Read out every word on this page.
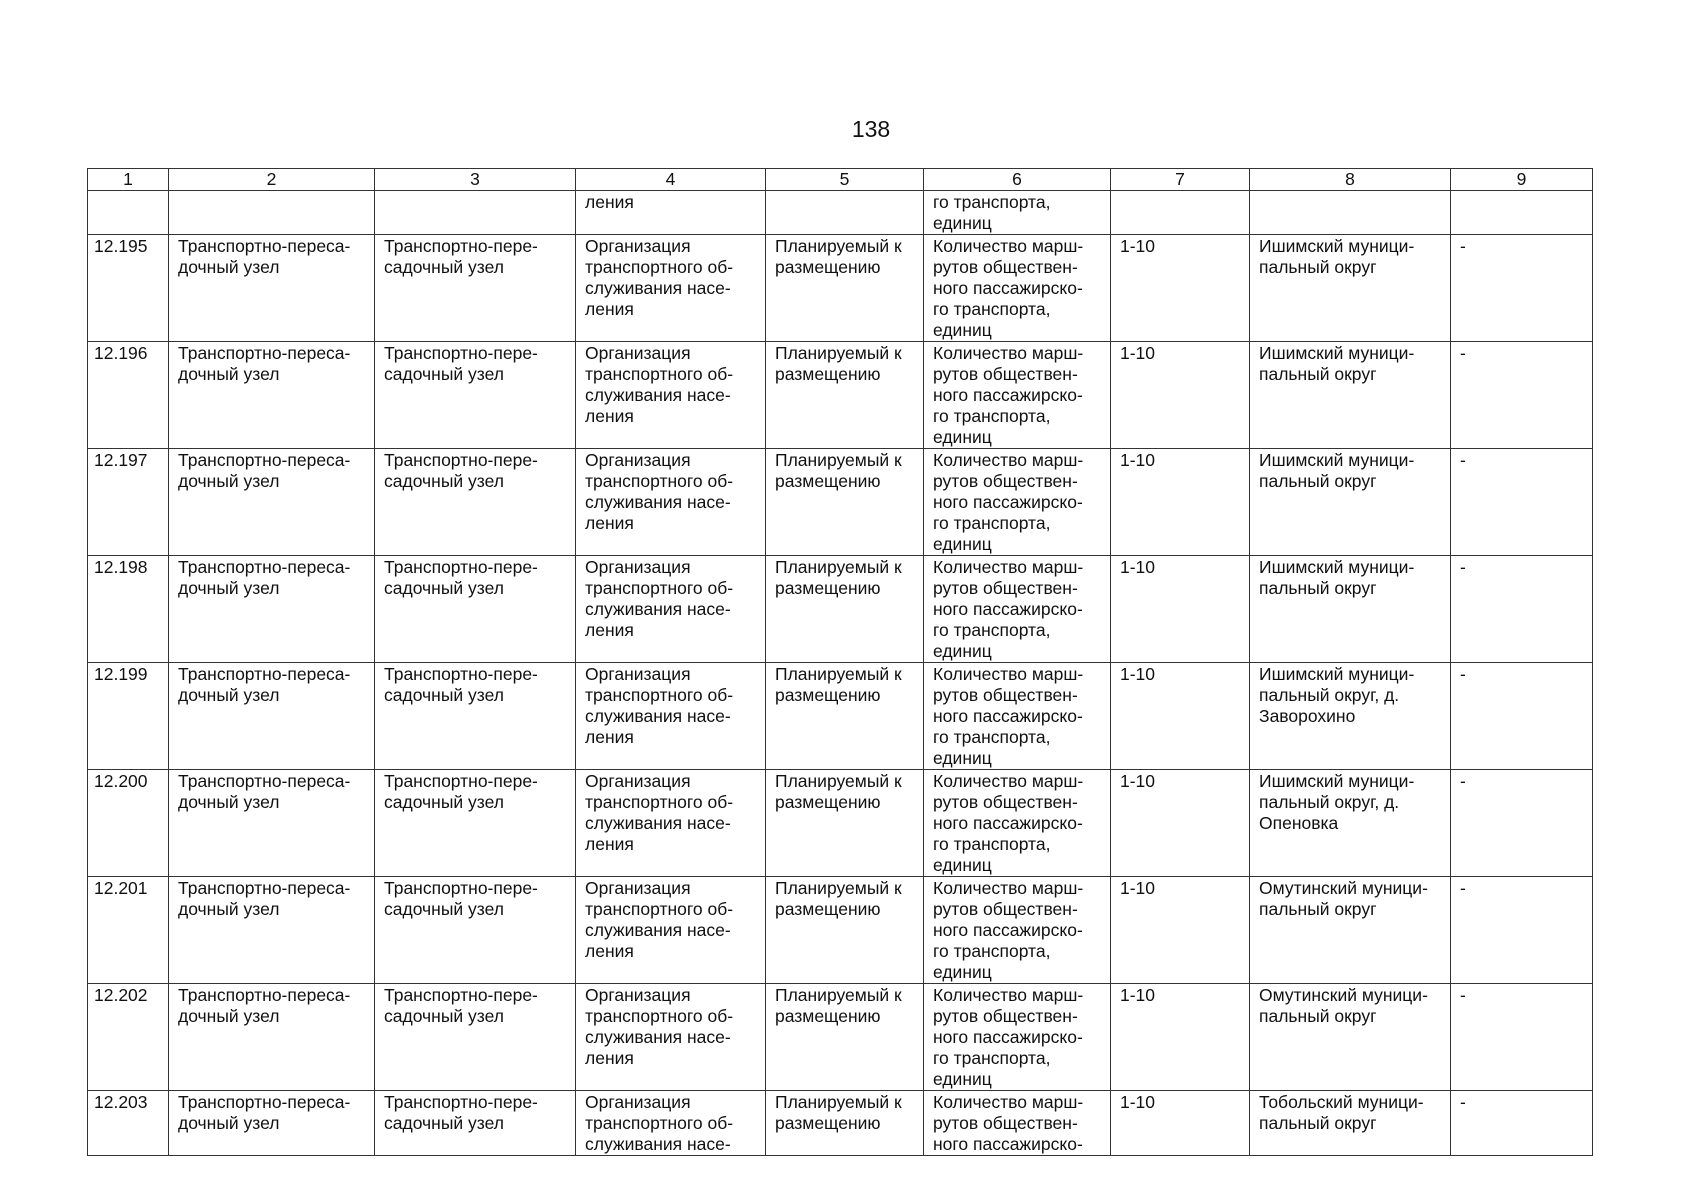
138
1	2	3	4	5	6	7	8	9
			ления		го транспорта,
единиц			
12.195	Транспортно-переса-
дочный узел	Транспортно-пере-
садочный узел	Организация
транспортного об-
служивания насе-
ления	Планируемый к
размещению	Количество марш-
рутов обществен-
ного пассажирско-
го транспорта,
единиц	1-10	Ишимский муници-
пальный округ	-
12.196	Транспортно-переса-
дочный узел	Транспортно-пере-
садочный узел	Организация
транспортного об-
служивания насе-
ления	Планируемый к
размещению	Количество марш-
рутов обществен-
ного пассажирско-
го транспорта,
единиц	1-10	Ишимский муници-
пальный округ	-
12.197	Транспортно-переса-
дочный узел	Транспортно-пере-
садочный узел	Организация
транспортного об-
служивания насе-
ления	Планируемый к
размещению	Количество марш-
рутов обществен-
ного пассажирско-
го транспорта,
единиц	1-10	Ишимский муници-
пальный округ	-
12.198	Транспортно-переса-
дочный узел	Транспортно-пере-
садочный узел	Организация
транспортного об-
служивания насе-
ления	Планируемый к
размещению	Количество марш-
рутов обществен-
ного пассажирско-
го транспорта,
единиц	1-10	Ишимский муници-
пальный округ	-
12.199	Транспортно-переса-
дочный узел	Транспортно-пере-
садочный узел	Организация
транспортного об-
служивания насе-
ления	Планируемый к
размещению	Количество марш-
рутов обществен-
ного пассажирско-
го транспорта,
единиц	1-10	Ишимский муници-
пальный округ, д.
Заворохино	-
12.200	Транспортно-переса-
дочный узел	Транспортно-пере-
садочный узел	Организация
транспортного об-
служивания насе-
ления	Планируемый к
размещению	Количество марш-
рутов обществен-
ного пассажирско-
го транспорта,
единиц	1-10	Ишимский муници-
пальный округ, д.
Опеновка	-
12.201	Транспортно-переса-
дочный узел	Транспортно-пере-
садочный узел	Организация
транспортного об-
служивания насе-
ления	Планируемый к
размещению	Количество марш-
рутов обществен-
ного пассажирско-
го транспорта,
единиц	1-10	Омутинский муници-
пальный округ	-
12.202	Транспортно-переса-
дочный узел	Транспортно-пере-
садочный узел	Организация
транспортного об-
служивания насе-
ления	Планируемый к
размещению	Количество марш-
рутов обществен-
ного пассажирско-
го транспорта,
единиц	1-10	Омутинский муници-
пальный округ	-
12.203	Транспортно-переса-
дочный узел	Транспортно-пере-
садочный узел	Организация
транспортного об-
служивания насе-	Планируемый к
размещению	Количество марш-
рутов обществен-
ного пассажирско-	1-10	Тобольский муници-
пальный округ	-
